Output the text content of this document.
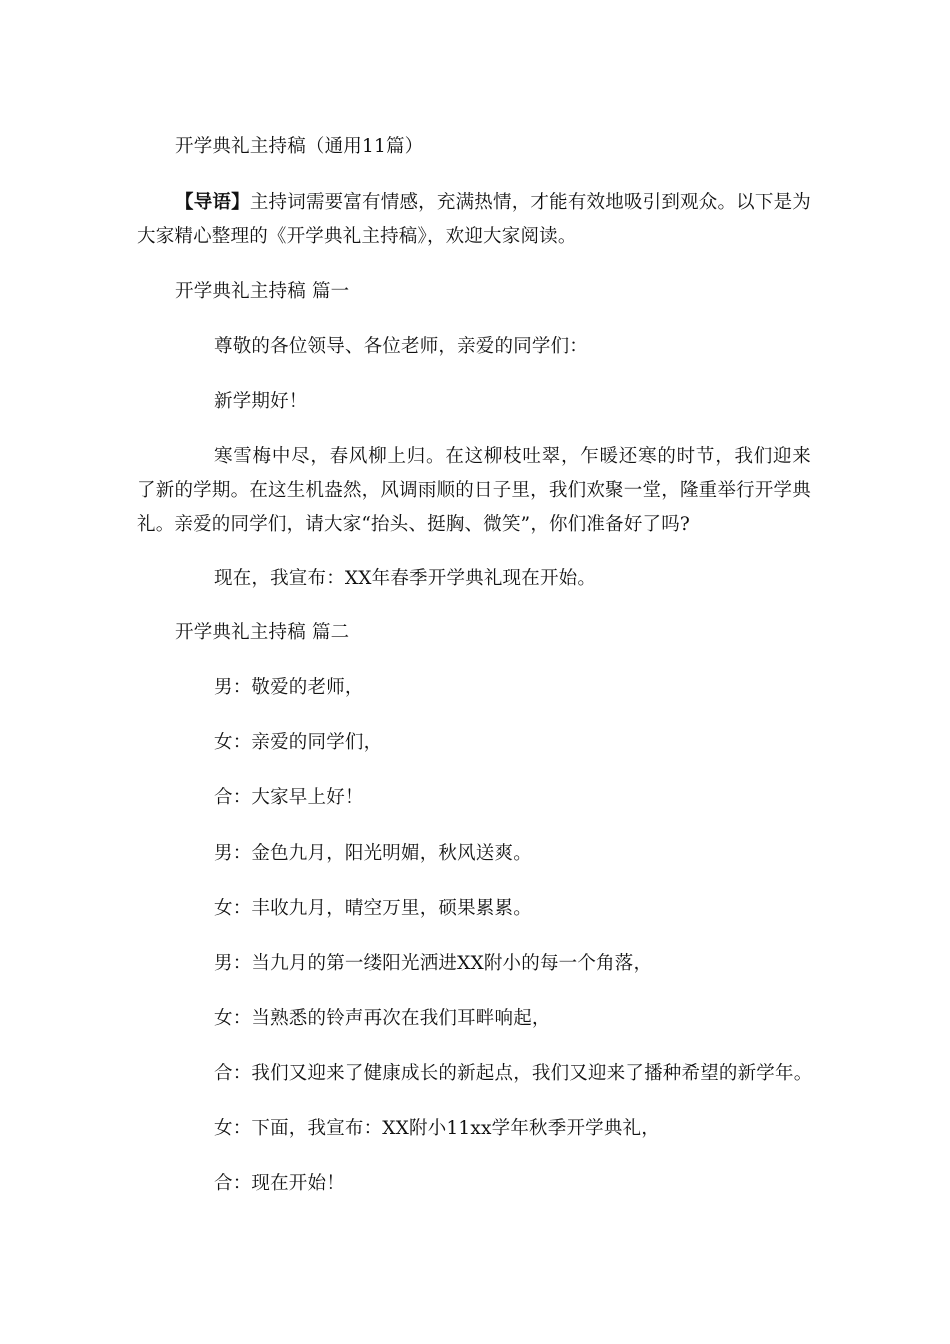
开学典礼主持稿（通用11篇）
【导语】主持词需要富有情感，充满热情，才能有效地吸引到观众。以下是为大家精心整理的《开学典礼主持稿》，欢迎大家阅读。
开学典礼主持稿 篇一
尊敬的各位领导、各位老师，亲爱的同学们：
新学期好！
寒雪梅中尽，春风柳上归。在这柳枝吐翠，乍暖还寒的时节，我们迎来了新的学期。在这生机盎然，风调雨顺的日子里，我们欢聚一堂，隆重举行开学典礼。亲爱的同学们，请大家“抬头、挺胸、微笑”，你们准备好了吗?
现在，我宣布：XX年春季开学典礼现在开始。
开学典礼主持稿 篇二
男：敬爱的老师，
女：亲爱的同学们，
合：大家早上好！
男：金色九月，阳光明媚，秋风送爽。
女：丰收九月，晴空万里，硕果累累。
男：当九月的第一缕阳光洒进XX附小的每一个角落，
女：当熟悉的铃声再次在我们耳畔响起，
合：我们又迎来了健康成长的新起点，我们又迎来了播种希望的新学年。
女：下面，我宣布：XX附小11xx学年秋季开学典礼，
合：现在开始！
